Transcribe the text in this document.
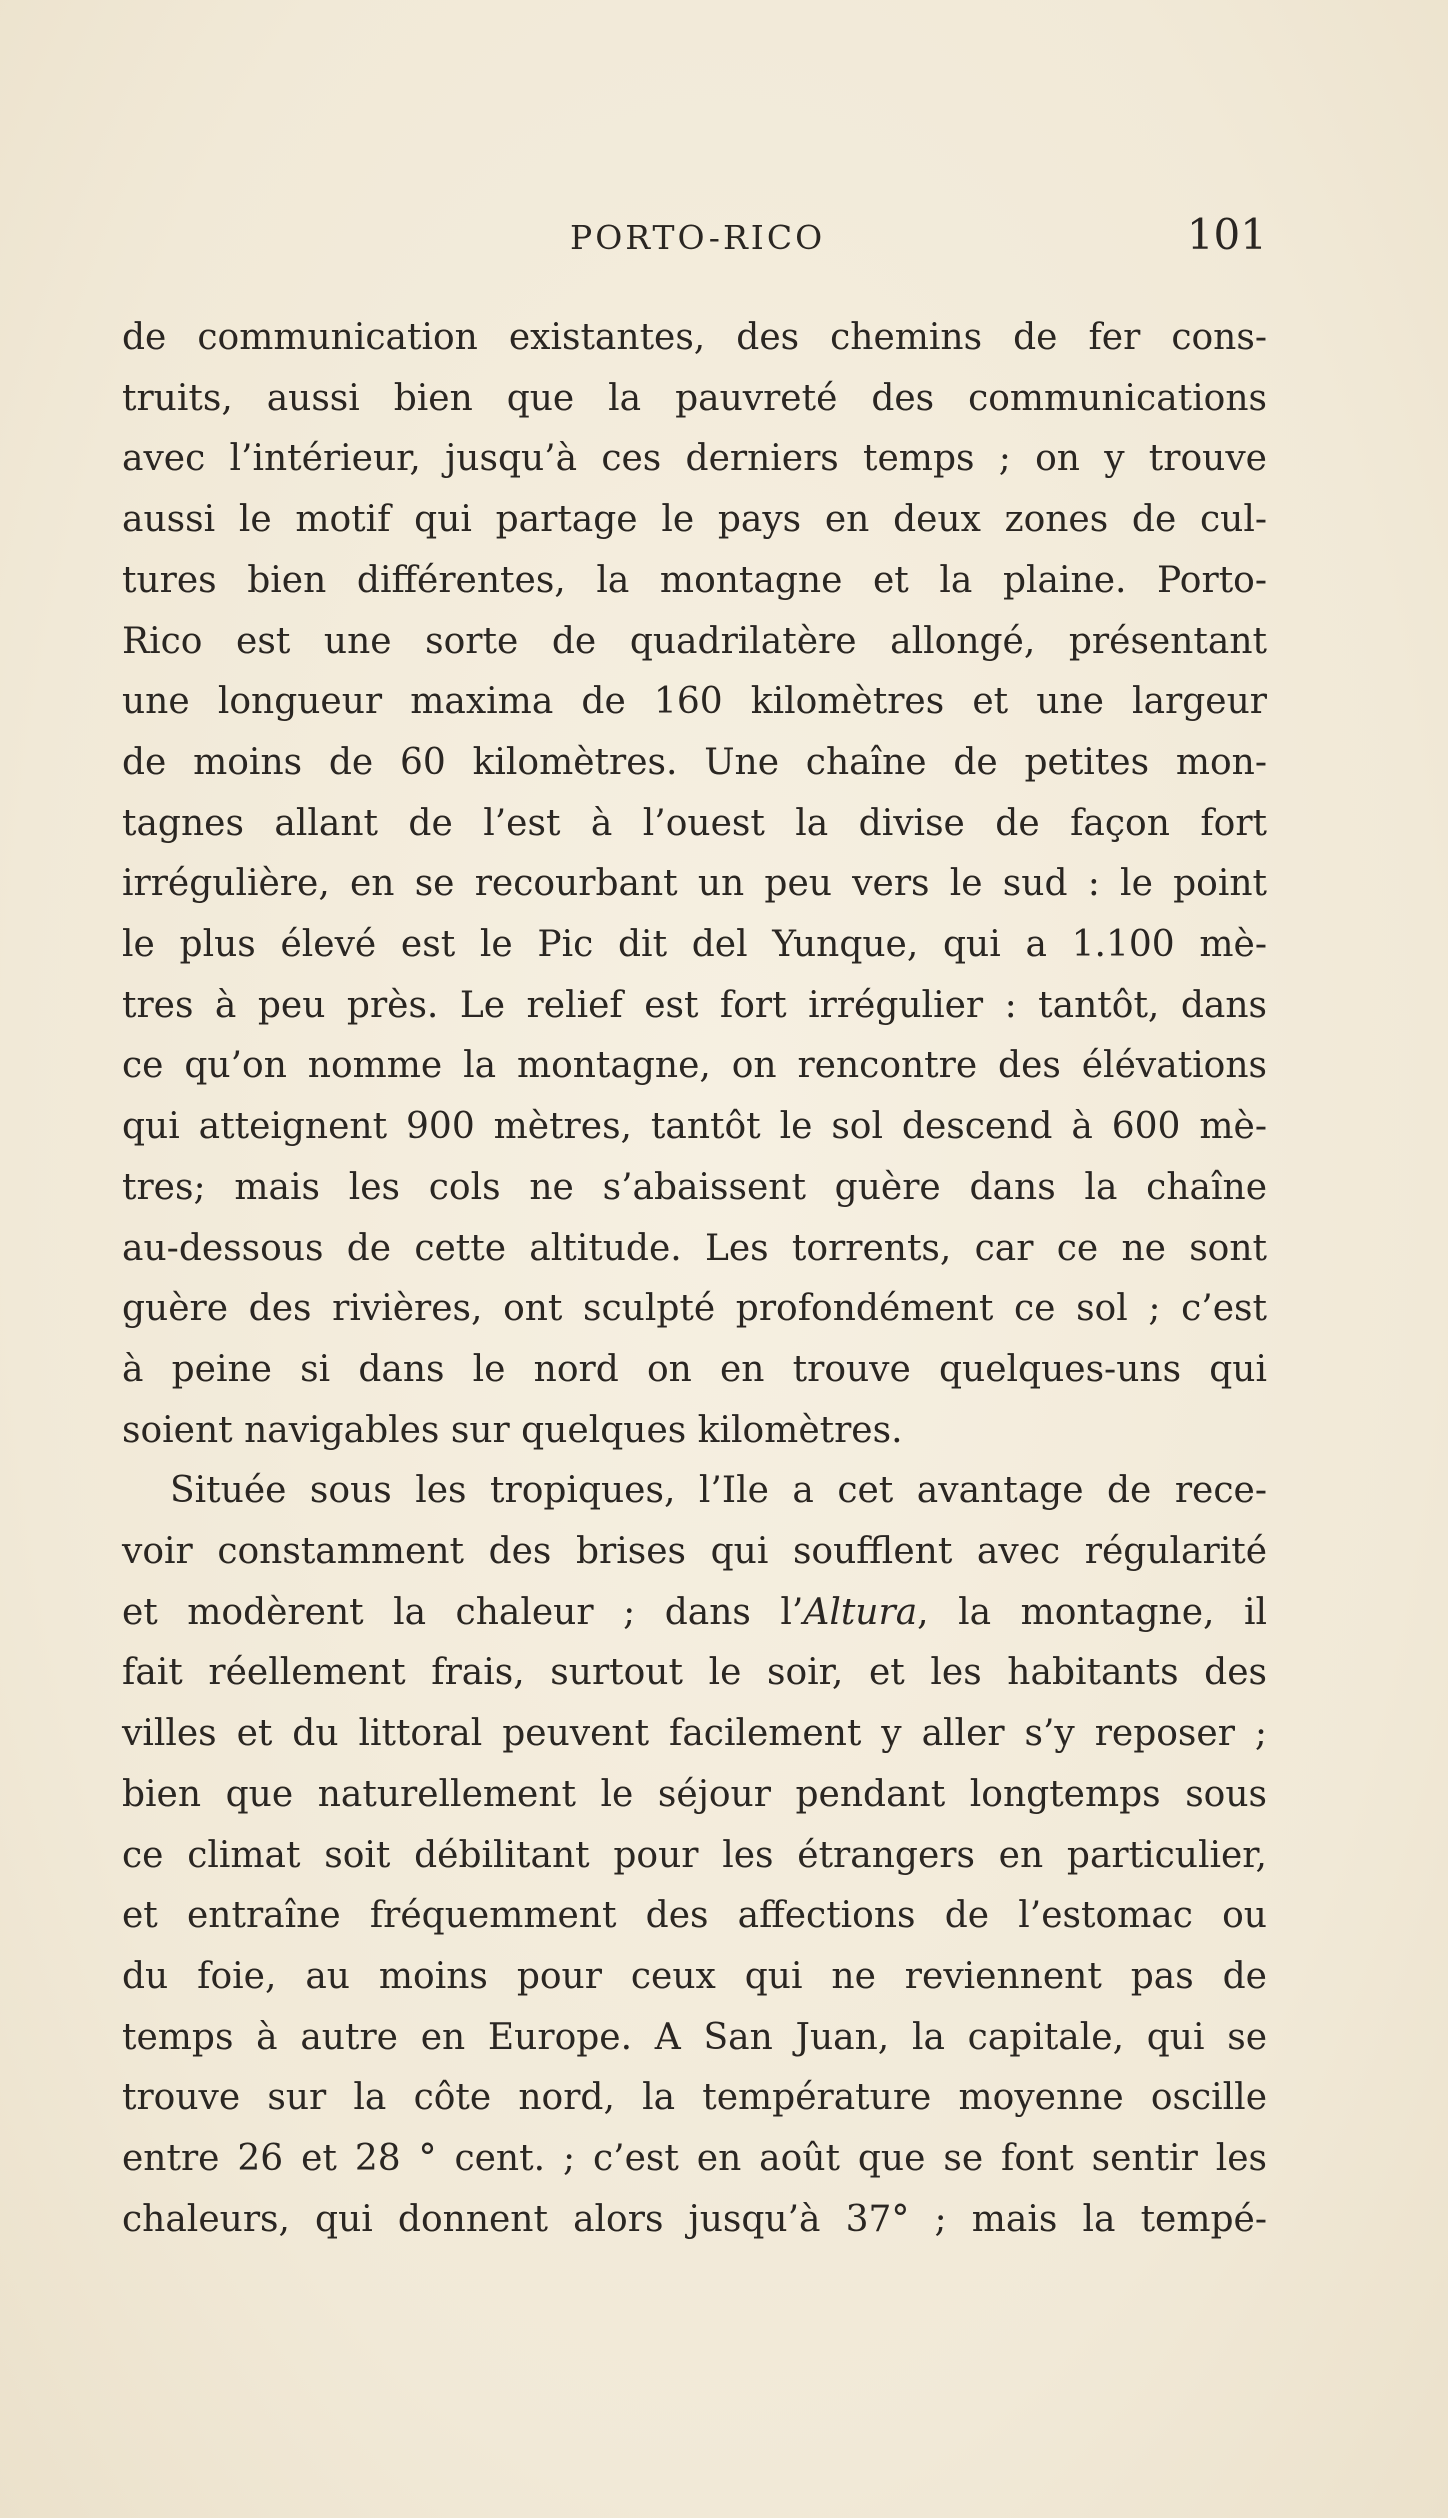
PORTO-RICO	101
de communication existantes, des chemins de fer cons-
truits, aussi bien que la pauvreté des communications
avec l’intérieur, jusqu’à ces derniers temps ; on y trouve
aussi le motif qui partage le pays en deux zones de cul-
tures bien différentes, la montagne et la plaine. Porto-
Rico est une sorte de quadrilatère allongé, présentant
une longueur maxima de 160 kilomètres et une largeur
de moins de 60 kilomètres. Une chaîne de petites mon-
tagnes allant de l’est à l’ouest la divise de façon fort
irrégulière, en se recourbant un peu vers le sud : le point
le plus élevé est le Pic dit del Yunque, qui a 1.100 mè-
tres à peu près. Le relief est fort irrégulier : tantôt, dans
ce qu’on nomme la montagne, on rencontre des élévations
qui atteignent 900 mètres, tantôt le sol descend à 600 mè-
tres; mais les cols ne s’abaissent guère dans la chaîne
au-dessous de cette altitude. Les torrents, car ce ne sont
guère des rivières, ont sculpté profondément ce sol ; c’est
à peine si dans le nord on en trouve quelques-uns qui
soient navigables sur quelques kilomètres.
Située sous les tropiques, l’Ile a cet avantage de rece-
voir constamment des brises qui soufflent avec régularité
et modèrent la chaleur ; dans l’Altura, la montagne, il
fait réellement frais, surtout le soir, et les habitants des
villes et du littoral peuvent facilement y aller s’y reposer ;
bien que naturellement le séjour pendant longtemps sous
ce climat soit débilitant pour les étrangers en particulier,
et entraîne fréquemment des affections de l’estomac ou
du foie, au moins pour ceux qui ne reviennent pas de
temps à autre en Europe. A San Juan, la capitale, qui se
trouve sur la côte nord, la température moyenne oscille
entre 26 et 28 ° cent. ; c’est en août que se font sentir les
chaleurs, qui donnent alors jusqu’à 37° ; mais la tempé-
